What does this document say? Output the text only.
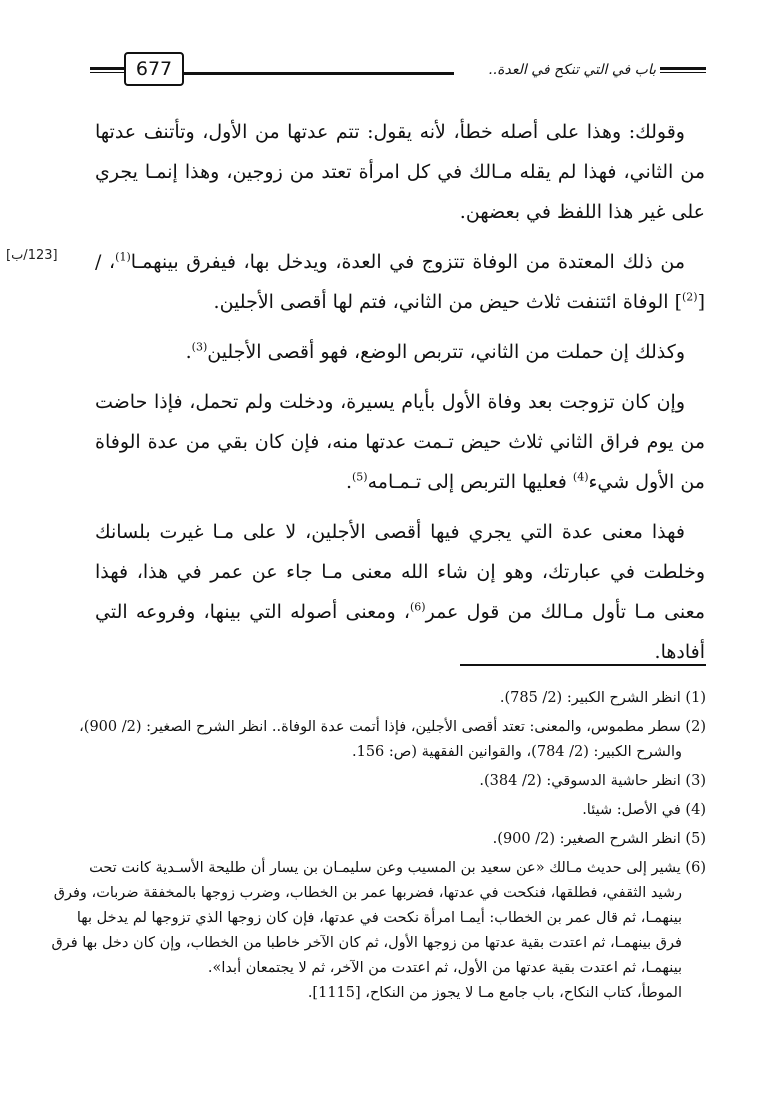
677	باب في التي تنكح في العدة..
[123/ب]

وقولك: وهذا على أصله خطأ، لأنه يقول: تتم عدتها من الأول، وتأتنف عدتها من الثاني، فهذا لم يقله مـالك في كل امرأة تعتد من زوجين، وهذا إنمـا يجري على غير هذا اللفظ في بعضهن.

من ذلك المعتدة من الوفاة تتزوج في العدة، ويدخل بها، فيفرق بينهمـا$^{(1)}$، / [$^{(2)}$] الوفاة ائتنفت ثلاث حيض من الثاني، فتم لها أقصى الأجلين.

وكذلك إن حملت من الثاني، تتربص الوضع، فهو أقصى الأجلين$^{(3)}$.

وإن كان تزوجت بعد وفاة الأول بأيام يسيرة، ودخلت ولم تحمل، فإذا حاضت من يوم فراق الثاني ثلاث حيض تـمت عدتها منه، فإن كان بقي من عدة الوفاة من الأول شيء$^{(4)}$ فعليها التربص إلى تـمـامه$^{(5)}$.

فهذا معنى عدة التي يجري فيها أقصى الأجلين، لا على مـا غيرت بلسانك وخلطت في عبارتك، وهو إن شاء الله معنى مـا جاء عن عمر في هذا، فهذا معنى مـا تأول مـالك من قول عمر$^{(6)}$، ومعنى أصوله التي بينها، وفروعه التي أفادها.

(1) انظر الشرح الكبير: (2/ 785).
(2) سطر مطموس، والمعنى: تعتد أقصى الأجلين، فإذا أتمت عدة الوفاة.. انظر الشرح الصغير: (2/ 900)،
والشرح الكبير: (2/ 784)، والقوانين الفقهية (ص: 156.
(3) انظر حاشية الدسوقي: (2/ 384).
(4) في الأصل: شيئا.
(5) انظر الشرح الصغير: (2/ 900).
(6) يشير إلى حديث مـالك «عن سعيد بن المسيب وعن سليمـان بن يسار أن طليحة الأسـدية كانت تحت
رشيد الثقفي، فطلقها، فنكحت في عدتها، فضربها عمر بن الخطاب، وضرب زوجها بالمخفقة ضربات، وفرق بينهمـا، ثم قال عمر بن الخطاب: أيمـا امرأة نكحت في عدتها، فإن كان زوجها الذي تزوجها لم يدخل بها فرق بينهمـا، ثم اعتدت بقية عدتها من زوجها الأول، ثم كان الآخر خاطبا من الخطاب، وإن كان دخل بها فرق بينهمـا، ثم اعتدت بقية عدتها من الأول، ثم اعتدت من الآخر، ثم لا يجتمعان أبدا».
الموطأ، كتاب النكاح، باب جامع مـا لا يجوز من النكاح، [1115].
